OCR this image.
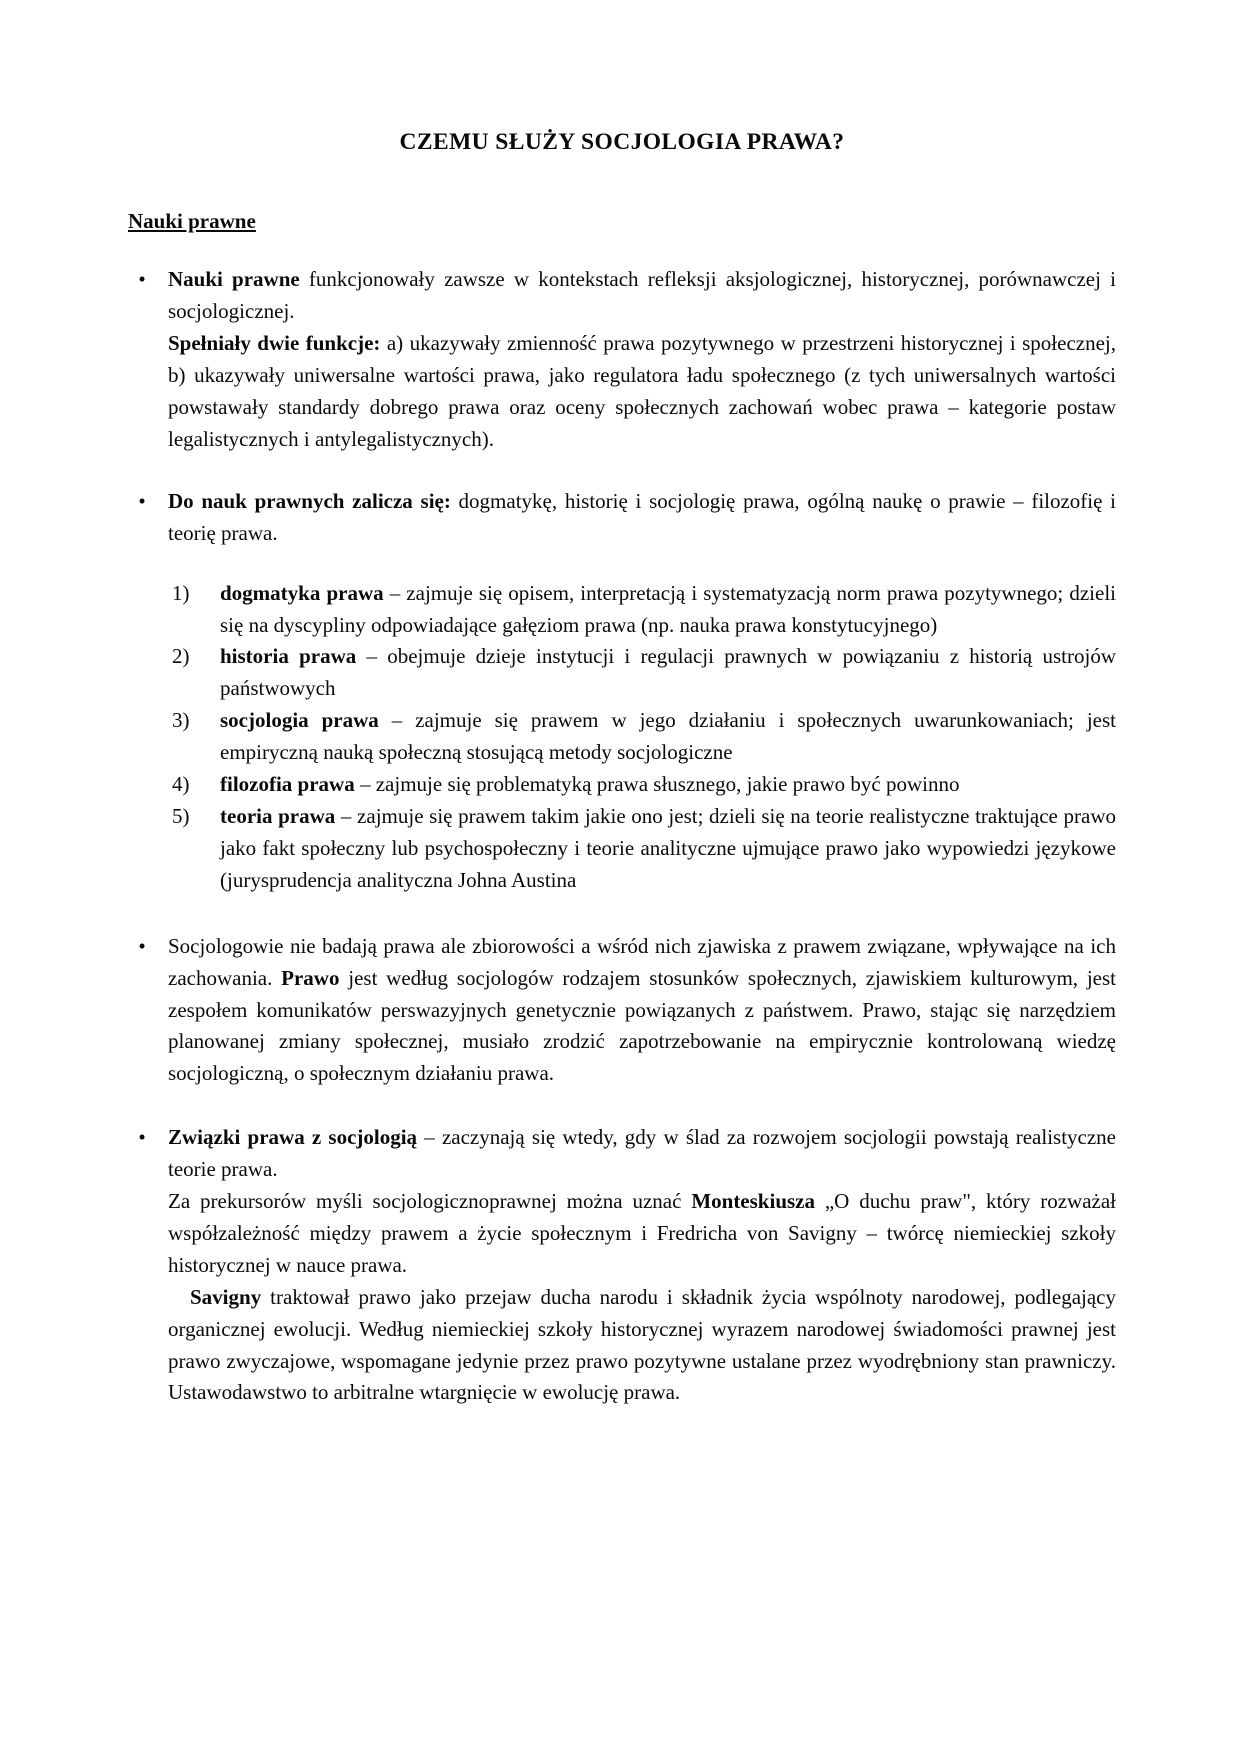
CZEMU SŁUŻY SOCJOLOGIA PRAWA?
Nauki prawne
• Nauki prawne funkcjonowały zawsze w kontekstach refleksji aksjologicznej, historycznej, porównawczej i socjologicznej.

Spełniały dwie funkcje: a) ukazywały zmienność prawa pozytywnego w przestrzeni historycznej i społecznej, b) ukazywały uniwersalne wartości prawa, jako regulatora ładu społecznego (z tych uniwersalnych wartości powstawały standardy dobrego prawa oraz oceny społecznych zachowań wobec prawa – kategorie postaw legalistycznych i antylegalistycznych).

• Do nauk prawnych zalicza się: dogmatykę, historię i socjologię prawa, ogólną naukę o prawie – filozofię i teorię prawa.

1)	dogmatyka prawa – zajmuje się opisem, interpretacją i systematyzacją norm prawa pozytywnego; dzieli się na dyscypliny odpowiadające gałęziom prawa (np. nauka prawa konstytucyjnego)
2)	historia prawa – obejmuje dzieje instytucji i regulacji prawnych w powiązaniu z historią ustrojów państwowych
3)	socjologia prawa – zajmuje się prawem w jego działaniu i społecznych uwarunkowaniach; jest empiryczną nauką społeczną stosującą metody socjologiczne
4)	filozofia prawa – zajmuje się problematyką prawa słusznego, jakie prawo być powinno
5)	teoria prawa – zajmuje się prawem takim jakie ono jest; dzieli się na teorie realistyczne traktujące prawo jako fakt społeczny lub psychospołeczny i teorie analityczne ujmujące prawo jako wypowiedzi językowe (jurysprudencja analityczna Johna Austina
• Socjologowie nie badają prawa ale zbiorowości a wśród nich zjawiska z prawem związane, wpływające na ich zachowania. Prawo jest według socjologów rodzajem stosunków społecznych, zjawiskiem kulturowym, jest zespołem komunikatów perswazyjnych genetycznie powiązanych z państwem. Prawo, stając się narzędziem planowanej zmiany społecznej, musiało zrodzić zapotrzebowanie na empirycznie kontrolowaną wiedzę socjologiczną, o społecznym działaniu prawa.

• Związki prawa z socjologią – zaczynają się wtedy, gdy w ślad za rozwojem socjologii powstają realistyczne teorie prawa.

Za prekursorów myśli socjologicznoprawnej można uznać Monteskiusza „O duchu praw", który rozważał współzależność między prawem a życie społecznym i Fredricha von Savigny – twórcę niemieckiej szkoły historycznej w nauce prawa.

Savigny traktował prawo jako przejaw ducha narodu i składnik życia wspólnoty narodowej, podlegający organicznej ewolucji. Według niemieckiej szkoły historycznej wyrazem narodowej świadomości prawnej jest prawo zwyczajowe, wspomagane jedynie przez prawo pozytywne ustalane przez wyodrębniony stan prawniczy. Ustawodawstwo to arbitralne wtargnięcie w ewolucję prawa.
